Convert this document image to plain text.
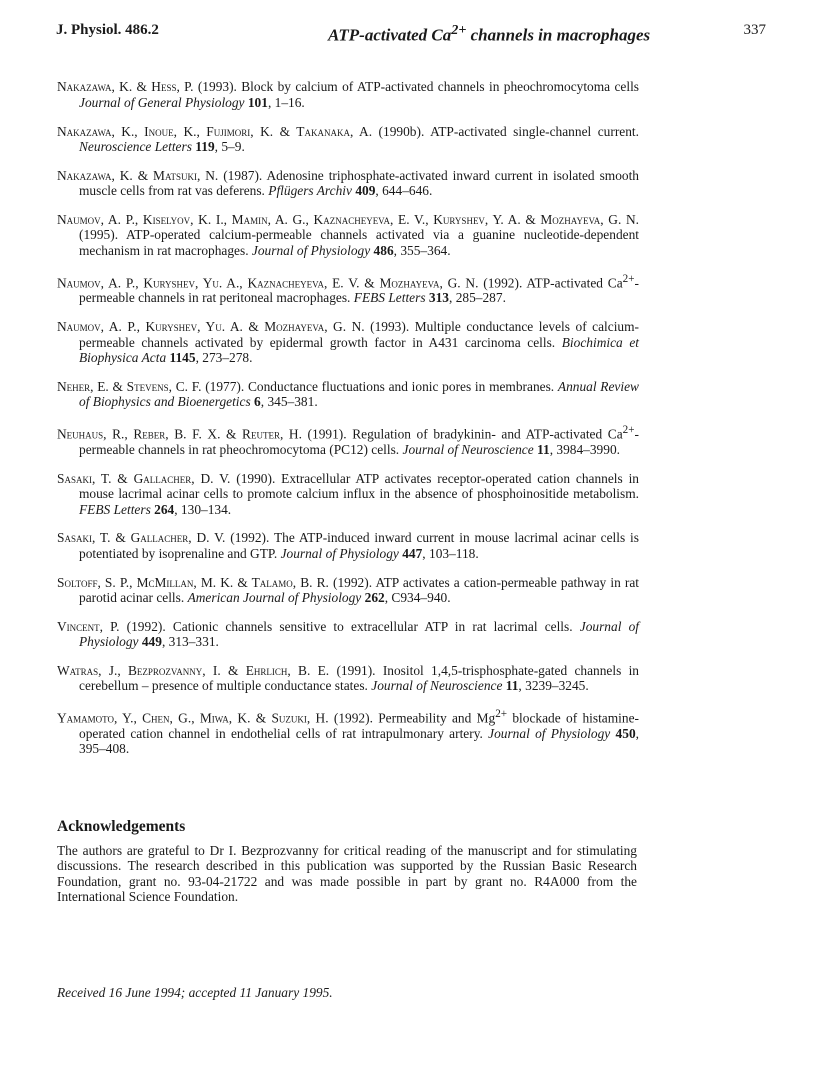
J. Physiol. 486.2	ATP-activated $Ca^{2+}$ channels in macrophages	337

Nakazawa, K. & Hess, P. (1993). Block by calcium of ATP-activated channels in pheochromocytoma cells Journal of General Physiology 101, 1–16.

Nakazawa, K., Inoue, K., Fujimori, K. & Takanaka, A. (1990b). ATP-activated single-channel current. Neuroscience Letters 119, 5–9.

Nakazawa, K. & Matsuki, N. (1987). Adenosine triphosphate-activated inward current in isolated smooth muscle cells from rat vas deferens. Pflügers Archiv 409, 644–646.

Naumov, A. P., Kiselyov, K. I., Mamin, A. G., Kaznacheyeva, E. V., Kuryshev, Y. A. & Mozhayeva, G. N. (1995). ATP-operated calcium-permeable channels activated via a guanine nucleotide-dependent mechanism in rat macrophages. Journal of Physiology 486, 355–364.

Naumov, A. P., Kuryshev, Yu. A., Kaznacheyeva, E. V. & Mozhayeva, G. N. (1992). ATP-activated $Ca^{2+}$-permeable channels in rat peritoneal macrophages. FEBS Letters 313, 285–287.

Naumov, A. P., Kuryshev, Yu. A. & Mozhayeva, G. N. (1993). Multiple conductance levels of calcium-permeable channels activated by epidermal growth factor in A431 carcinoma cells. Biochimica et Biophysica Acta 1145, 273–278.

Neher, E. & Stevens, C. F. (1977). Conductance fluctuations and ionic pores in membranes. Annual Review of Biophysics and Bioenergetics 6, 345–381.

Neuhaus, R., Reber, B. F. X. & Reuter, H. (1991). Regulation of bradykinin- and ATP-activated $Ca^{2+}$-permeable channels in rat pheochromocytoma (PC12) cells. Journal of Neuroscience 11, 3984–3990.

Sasaki, T. & Gallacher, D. V. (1990). Extracellular ATP activates receptor-operated cation channels in mouse lacrimal acinar cells to promote calcium influx in the absence of phosphoinositide metabolism. FEBS Letters 264, 130–134.

Sasaki, T. & Gallacher, D. V. (1992). The ATP-induced inward current in mouse lacrimal acinar cells is potentiated by isoprenaline and GTP. Journal of Physiology 447, 103–118.

Soltoff, S. P., McMillan, M. K. & Talamo, B. R. (1992). ATP activates a cation-permeable pathway in rat parotid acinar cells. American Journal of Physiology 262, C934–940.

Vincent, P. (1992). Cationic channels sensitive to extracellular ATP in rat lacrimal cells. Journal of Physiology 449, 313–331.

Watras, J., Bezprozvanny, I. & Ehrlich, B. E. (1991). Inositol 1,4,5-trisphosphate-gated channels in cerebellum – presence of multiple conductance states. Journal of Neuroscience 11, 3239–3245.

Yamamoto, Y., Chen, G., Miwa, K. & Suzuki, H. (1992). Permeability and $Mg^{2+}$ blockade of histamine-operated cation channel in endothelial cells of rat intrapulmonary artery. Journal of Physiology 450, 395–408.

Acknowledgements

The authors are grateful to Dr I. Bezprozvanny for critical reading of the manuscript and for stimulating discussions. The research described in this publication was supported by the Russian Basic Research Foundation, grant no. 93-04-21722 and was made possible in part by grant no. R4A000 from the International Science Foundation.

Received 16 June 1994; accepted 11 January 1995.
